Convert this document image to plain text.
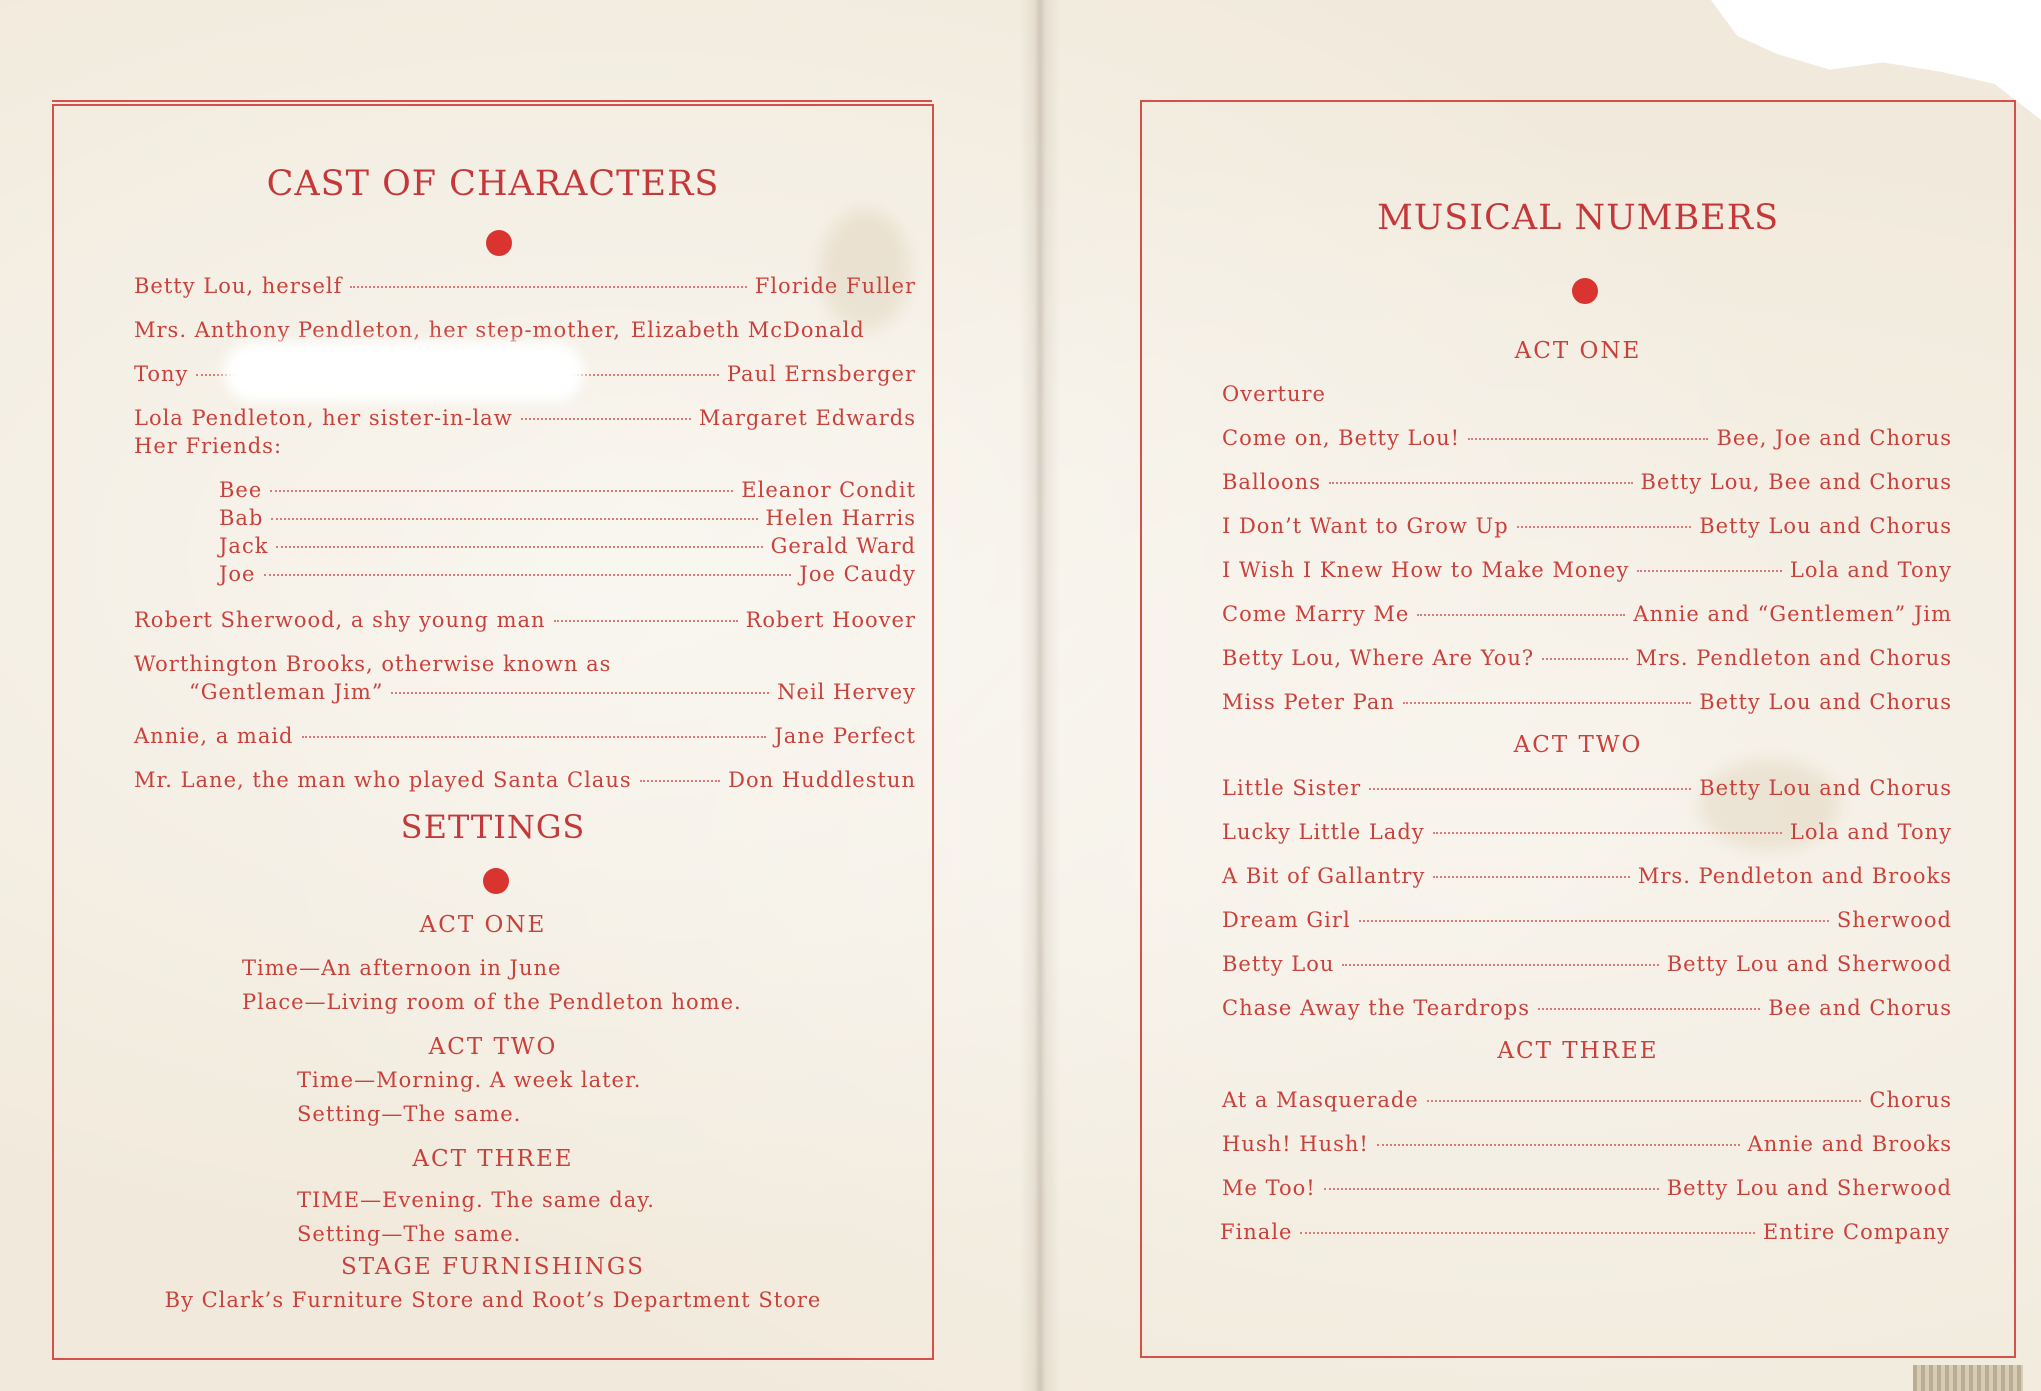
CAST OF CHARACTERS
Betty Lou, herself	Floride Fuller
Mrs. Anthony Pendleton, her step-mother, Elizabeth McDonald
Tony	Paul Ernsberger
Lola Pendleton, her sister-in-law	Margaret Edwards
Her Friends:
Bee	Eleanor Condit
Bab	Helen Harris
Jack	Gerald Ward
Joe	Joe Caudy
Robert Sherwood, a shy young man	Robert Hoover
Worthington Brooks, otherwise known as
“Gentleman Jim”	Neil Hervey
Annie, a maid	Jane Perfect
Mr. Lane, the man who played Santa Claus	Don Huddlestun
SETTINGS
ACT ONE
Time—An afternoon in June
Place—Living room of the Pendleton home.
ACT TWO
Time—Morning. A week later.
Setting—The same.
ACT THREE
TIME—Evening. The same day.
Setting—The same.
STAGE FURNISHINGS
By Clark’s Furniture Store and Root’s Department Store
MUSICAL NUMBERS
ACT ONE
Overture
Come on, Betty Lou!	Bee, Joe and Chorus
Balloons	Betty Lou, Bee and Chorus
I Don’t Want to Grow Up	Betty Lou and Chorus
I Wish I Knew How to Make Money	Lola and Tony
Come Marry Me	Annie and “Gentlemen” Jim
Betty Lou, Where Are You?	Mrs. Pendleton and Chorus
Miss Peter Pan	Betty Lou and Chorus
ACT TWO
Little Sister	Betty Lou and Chorus
Lucky Little Lady	Lola and Tony
A Bit of Gallantry	Mrs. Pendleton and Brooks
Dream Girl	Sherwood
Betty Lou	Betty Lou and Sherwood
Chase Away the Teardrops	Bee and Chorus
ACT THREE
At a Masquerade	Chorus
Hush! Hush!	Annie and Brooks
Me Too!	Betty Lou and Sherwood
Finale	Entire Company
